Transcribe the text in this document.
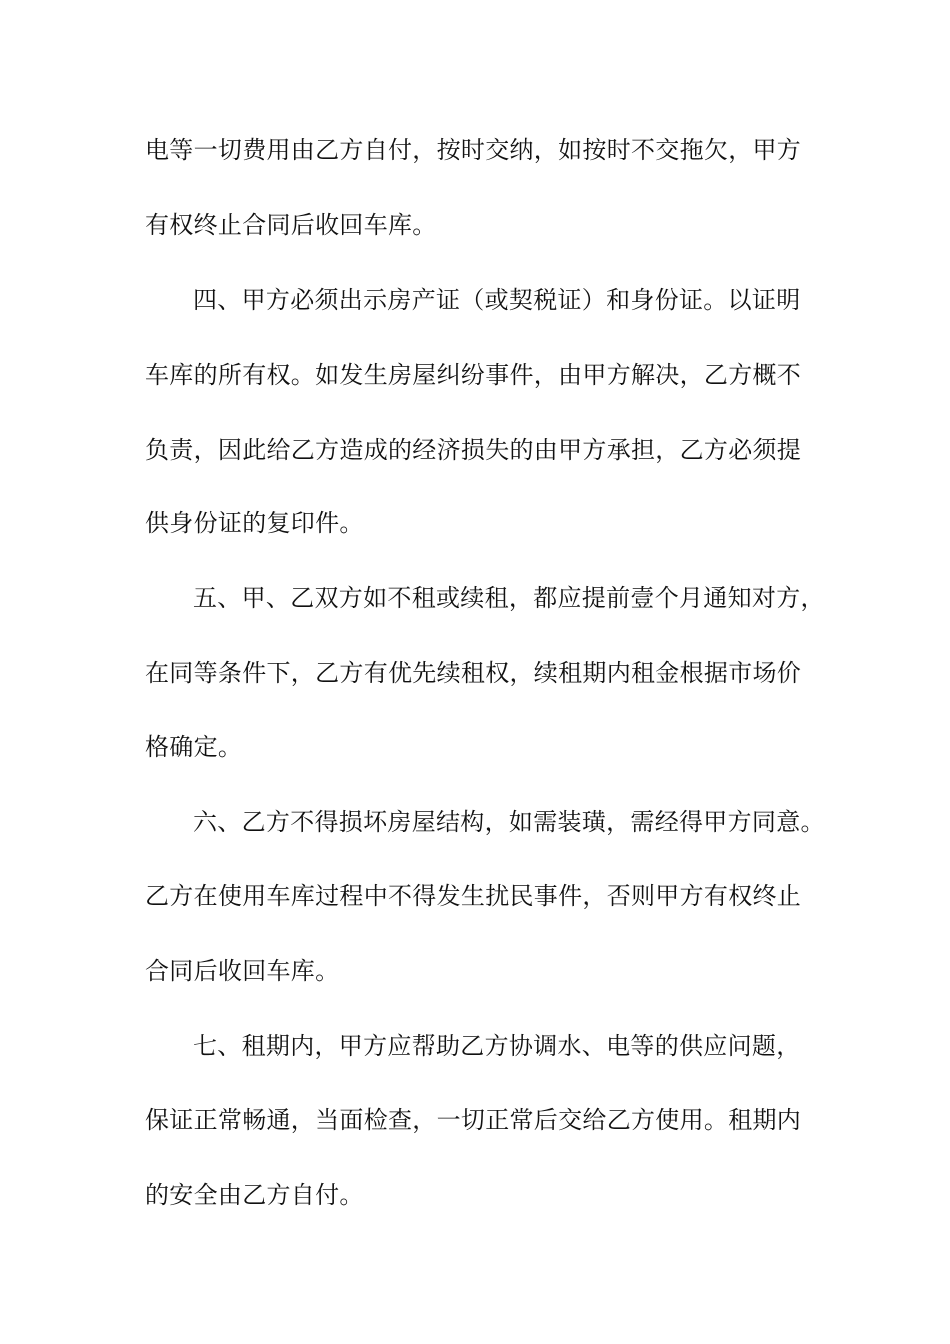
电等一切费用由乙方自付，按时交纳，如按时不交拖欠，甲方
有权终止合同后收回车库。
四、甲方必须出示房产证（或契税证）和身份证。以证明
车库的所有权。如发生房屋纠纷事件，由甲方解决，乙方概不
负责，因此给乙方造成的经济损失的由甲方承担，乙方必须提
供身份证的复印件。
五、甲、乙双方如不租或续租，都应提前壹个月通知对方，
在同等条件下，乙方有优先续租权，续租期内租金根据市场价
格确定。
六、乙方不得损坏房屋结构，如需装璜，需经得甲方同意。
乙方在使用车库过程中不得发生扰民事件，否则甲方有权终止
合同后收回车库。
七、租期内，甲方应帮助乙方协调水、电等的供应问题，
保证正常畅通，当面检查，一切正常后交给乙方使用。租期内
的安全由乙方自付。
